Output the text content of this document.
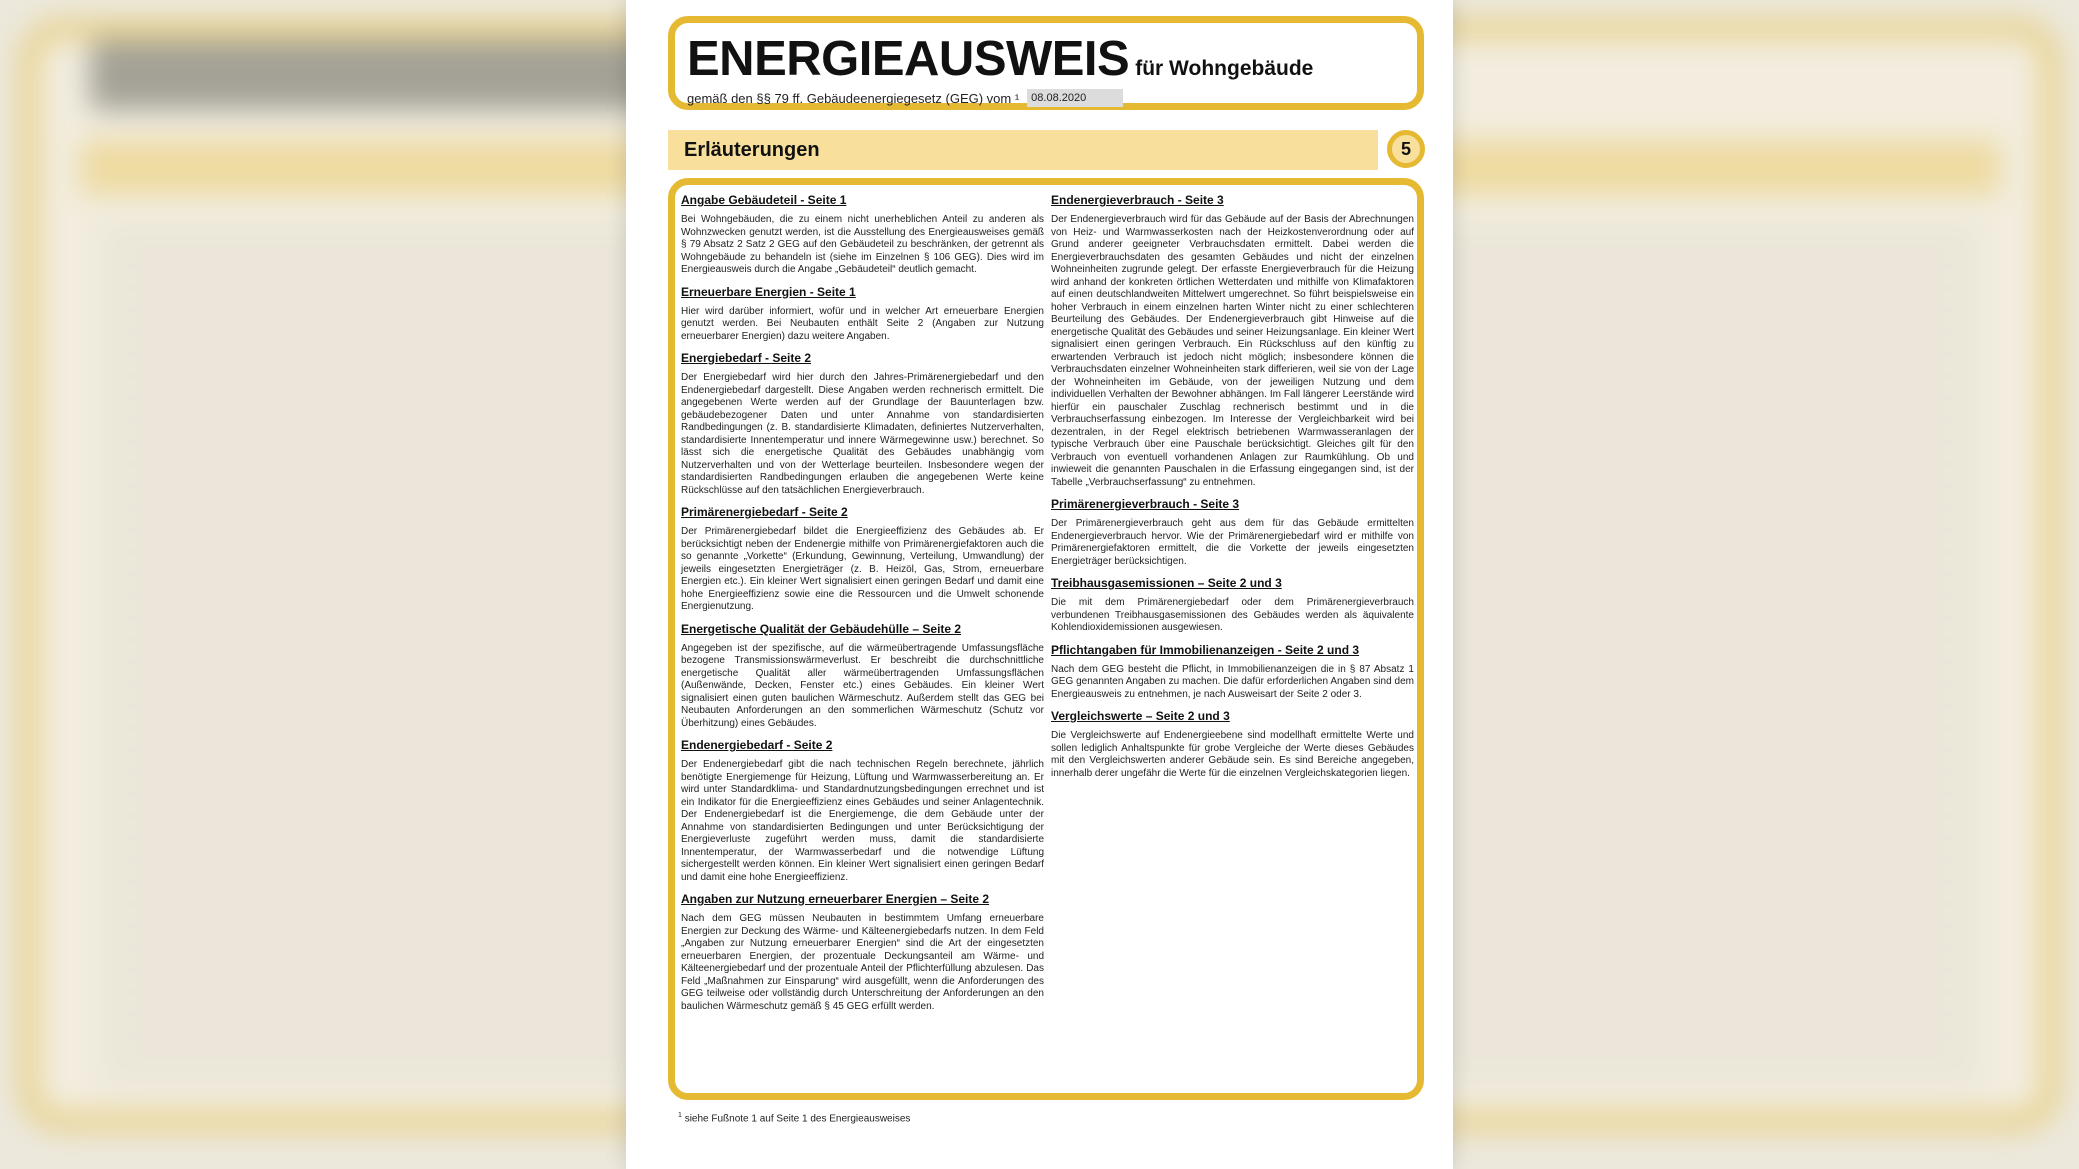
ENERGIEAUSWEIS für Wohngebäude
gemäß den §§ 79 ff. Gebäudeenergiegesetz (GEG) vom ¹	08.08.2020
Erläuterungen	5
Angabe Gebäudeteil - Seite 1

Bei Wohngebäuden, die zu einem nicht unerheblichen Anteil zu anderen als Wohnzwecken genutzt werden, ist die Ausstellung des Energieausweises gemäß § 79 Absatz 2 Satz 2 GEG auf den Gebäudeteil zu beschränken, der getrennt als Wohngebäude zu behandeln ist (siehe im Einzelnen § 106 GEG). Dies wird im Energieausweis durch die Angabe „Gebäudeteil“ deutlich gemacht.

Erneuerbare Energien - Seite 1

Hier wird darüber informiert, wofür und in welcher Art erneuerbare Energien genutzt werden. Bei Neubauten enthält Seite 2 (Angaben zur Nutzung erneuerbarer Energien) dazu weitere Angaben.

Energiebedarf - Seite 2

Der Energiebedarf wird hier durch den Jahres-Primärenergiebedarf und den Endenergiebedarf dargestellt. Diese Angaben werden rechnerisch ermittelt. Die angegebenen Werte werden auf der Grundlage der Bauunterlagen bzw. gebäudebezogener Daten und unter Annahme von standardisierten Randbedingungen (z. B. standardisierte Klimadaten, definiertes Nutzerverhalten, standardisierte Innentemperatur und innere Wärmegewinne usw.) berechnet. So lässt sich die energetische Qualität des Gebäudes unabhängig vom Nutzerverhalten und von der Wetterlage beurteilen. Insbesondere wegen der standardisierten Randbedingungen erlauben die angegebenen Werte keine Rückschlüsse auf den tatsächlichen Energieverbrauch.

Primärenergiebedarf - Seite 2

Der Primärenergiebedarf bildet die Energieeffizienz des Gebäudes ab. Er berücksichtigt neben der Endenergie mithilfe von Primärenergiefaktoren auch die so genannte „Vorkette“ (Erkundung, Gewinnung, Verteilung, Umwandlung) der jeweils eingesetzten Energieträger (z. B. Heizöl, Gas, Strom, erneuerbare Energien etc.). Ein kleiner Wert signalisiert einen geringen Bedarf und damit eine hohe Energieeffizienz sowie eine die Ressourcen und die Umwelt schonende Energienutzung.

Energetische Qualität der Gebäudehülle – Seite 2

Angegeben ist der spezifische, auf die wärmeübertragende Umfassungsfläche bezogene Transmissionswärmeverlust. Er beschreibt die durchschnittliche energetische Qualität aller wärmeübertragenden Umfassungsflächen (Außenwände, Decken, Fenster etc.) eines Gebäudes. Ein kleiner Wert signalisiert einen guten baulichen Wärmeschutz. Außerdem stellt das GEG bei Neubauten Anforderungen an den sommerlichen Wärmeschutz (Schutz vor Überhitzung) eines Gebäudes.

Endenergiebedarf - Seite 2

Der Endenergiebedarf gibt die nach technischen Regeln berechnete, jährlich benötigte Energiemenge für Heizung, Lüftung und Warmwasserbereitung an. Er wird unter Standardklima- und Standardnutzungsbedingungen errechnet und ist ein Indikator für die Energieeffizienz eines Gebäudes und seiner Anlagentechnik. Der Endenergiebedarf ist die Energiemenge, die dem Gebäude unter der Annahme von standardisierten Bedingungen und unter Berücksichtigung der Energieverluste zugeführt werden muss, damit die standardisierte Innentemperatur, der Warmwasserbedarf und die notwendige Lüftung sichergestellt werden können. Ein kleiner Wert signalisiert einen geringen Bedarf und damit eine hohe Energieeffizienz.

Angaben zur Nutzung erneuerbarer Energien – Seite 2

Nach dem GEG müssen Neubauten in bestimmtem Umfang erneuerbare Energien zur Deckung des Wärme- und Kälteenergiebedarfs nutzen. In dem Feld „Angaben zur Nutzung erneuerbarer Energien“ sind die Art der eingesetzten erneuerbaren Energien, der prozentuale Deckungsanteil am Wärme- und Kälteenergiebedarf und der prozentuale Anteil der Pflichterfüllung abzulesen. Das Feld „Maßnahmen zur Einsparung“ wird ausgefüllt, wenn die Anforderungen des GEG teilweise oder vollständig durch Unterschreitung der Anforderungen an den baulichen Wärmeschutz gemäß § 45 GEG erfüllt werden.

Endenergieverbrauch - Seite 3

Der Endenergieverbrauch wird für das Gebäude auf der Basis der Abrechnungen von Heiz- und Warmwasserkosten nach der Heizkostenverordnung oder auf Grund anderer geeigneter Verbrauchsdaten ermittelt. Dabei werden die Energieverbrauchsdaten des gesamten Gebäudes und nicht der einzelnen Wohneinheiten zugrunde gelegt. Der erfasste Energieverbrauch für die Heizung wird anhand der konkreten örtlichen Wetterdaten und mithilfe von Klimafaktoren auf einen deutschlandweiten Mittelwert umgerechnet. So führt beispielsweise ein hoher Verbrauch in einem einzelnen harten Winter nicht zu einer schlechteren Beurteilung des Gebäudes. Der Endenergieverbrauch gibt Hinweise auf die energetische Qualität des Gebäudes und seiner Heizungsanlage. Ein kleiner Wert signalisiert einen geringen Verbrauch. Ein Rückschluss auf den künftig zu erwartenden Verbrauch ist jedoch nicht möglich; insbesondere können die Verbrauchsdaten einzelner Wohneinheiten stark differieren, weil sie von der Lage der Wohneinheiten im Gebäude, von der jeweiligen Nutzung und dem individuellen Verhalten der Bewohner abhängen. Im Fall längerer Leerstände wird hierfür ein pauschaler Zuschlag rechnerisch bestimmt und in die Verbrauchserfassung einbezogen. Im Interesse der Vergleichbarkeit wird bei dezentralen, in der Regel elektrisch betriebenen Warmwasseranlagen der typische Verbrauch über eine Pauschale berücksichtigt. Gleiches gilt für den Verbrauch von eventuell vorhandenen Anlagen zur Raumkühlung. Ob und inwieweit die genannten Pauschalen in die Erfassung eingegangen sind, ist der Tabelle „Verbrauchserfassung“ zu entnehmen.

Primärenergieverbrauch - Seite 3

Der Primärenergieverbrauch geht aus dem für das Gebäude ermittelten Endenergieverbrauch hervor. Wie der Primärenergiebedarf wird er mithilfe von Primärenergiefaktoren ermittelt, die die Vorkette der jeweils eingesetzten Energieträger berücksichtigen.

Treibhausgasemissionen – Seite 2 und 3

Die mit dem Primärenergiebedarf oder dem Primärenergieverbrauch verbundenen Treibhausgasemissionen des Gebäudes werden als äquivalente Kohlendioxidemissionen ausgewiesen.

Pflichtangaben für Immobilienanzeigen - Seite 2 und 3

Nach dem GEG besteht die Pflicht, in Immobilienanzeigen die in § 87 Absatz 1 GEG genannten Angaben zu machen. Die dafür erforderlichen Angaben sind dem Energieausweis zu entnehmen, je nach Ausweisart der Seite 2 oder 3.

Vergleichswerte – Seite 2 und 3

Die Vergleichswerte auf Endenergieebene sind modellhaft ermittelte Werte und sollen lediglich Anhaltspunkte für grobe Vergleiche der Werte dieses Gebäudes mit den Vergleichswerten anderer Gebäude sein. Es sind Bereiche angegeben, innerhalb derer ungefähr die Werte für die einzelnen Vergleichskategorien liegen.

$^1$ siehe Fußnote 1 auf Seite 1 des Energieausweises
